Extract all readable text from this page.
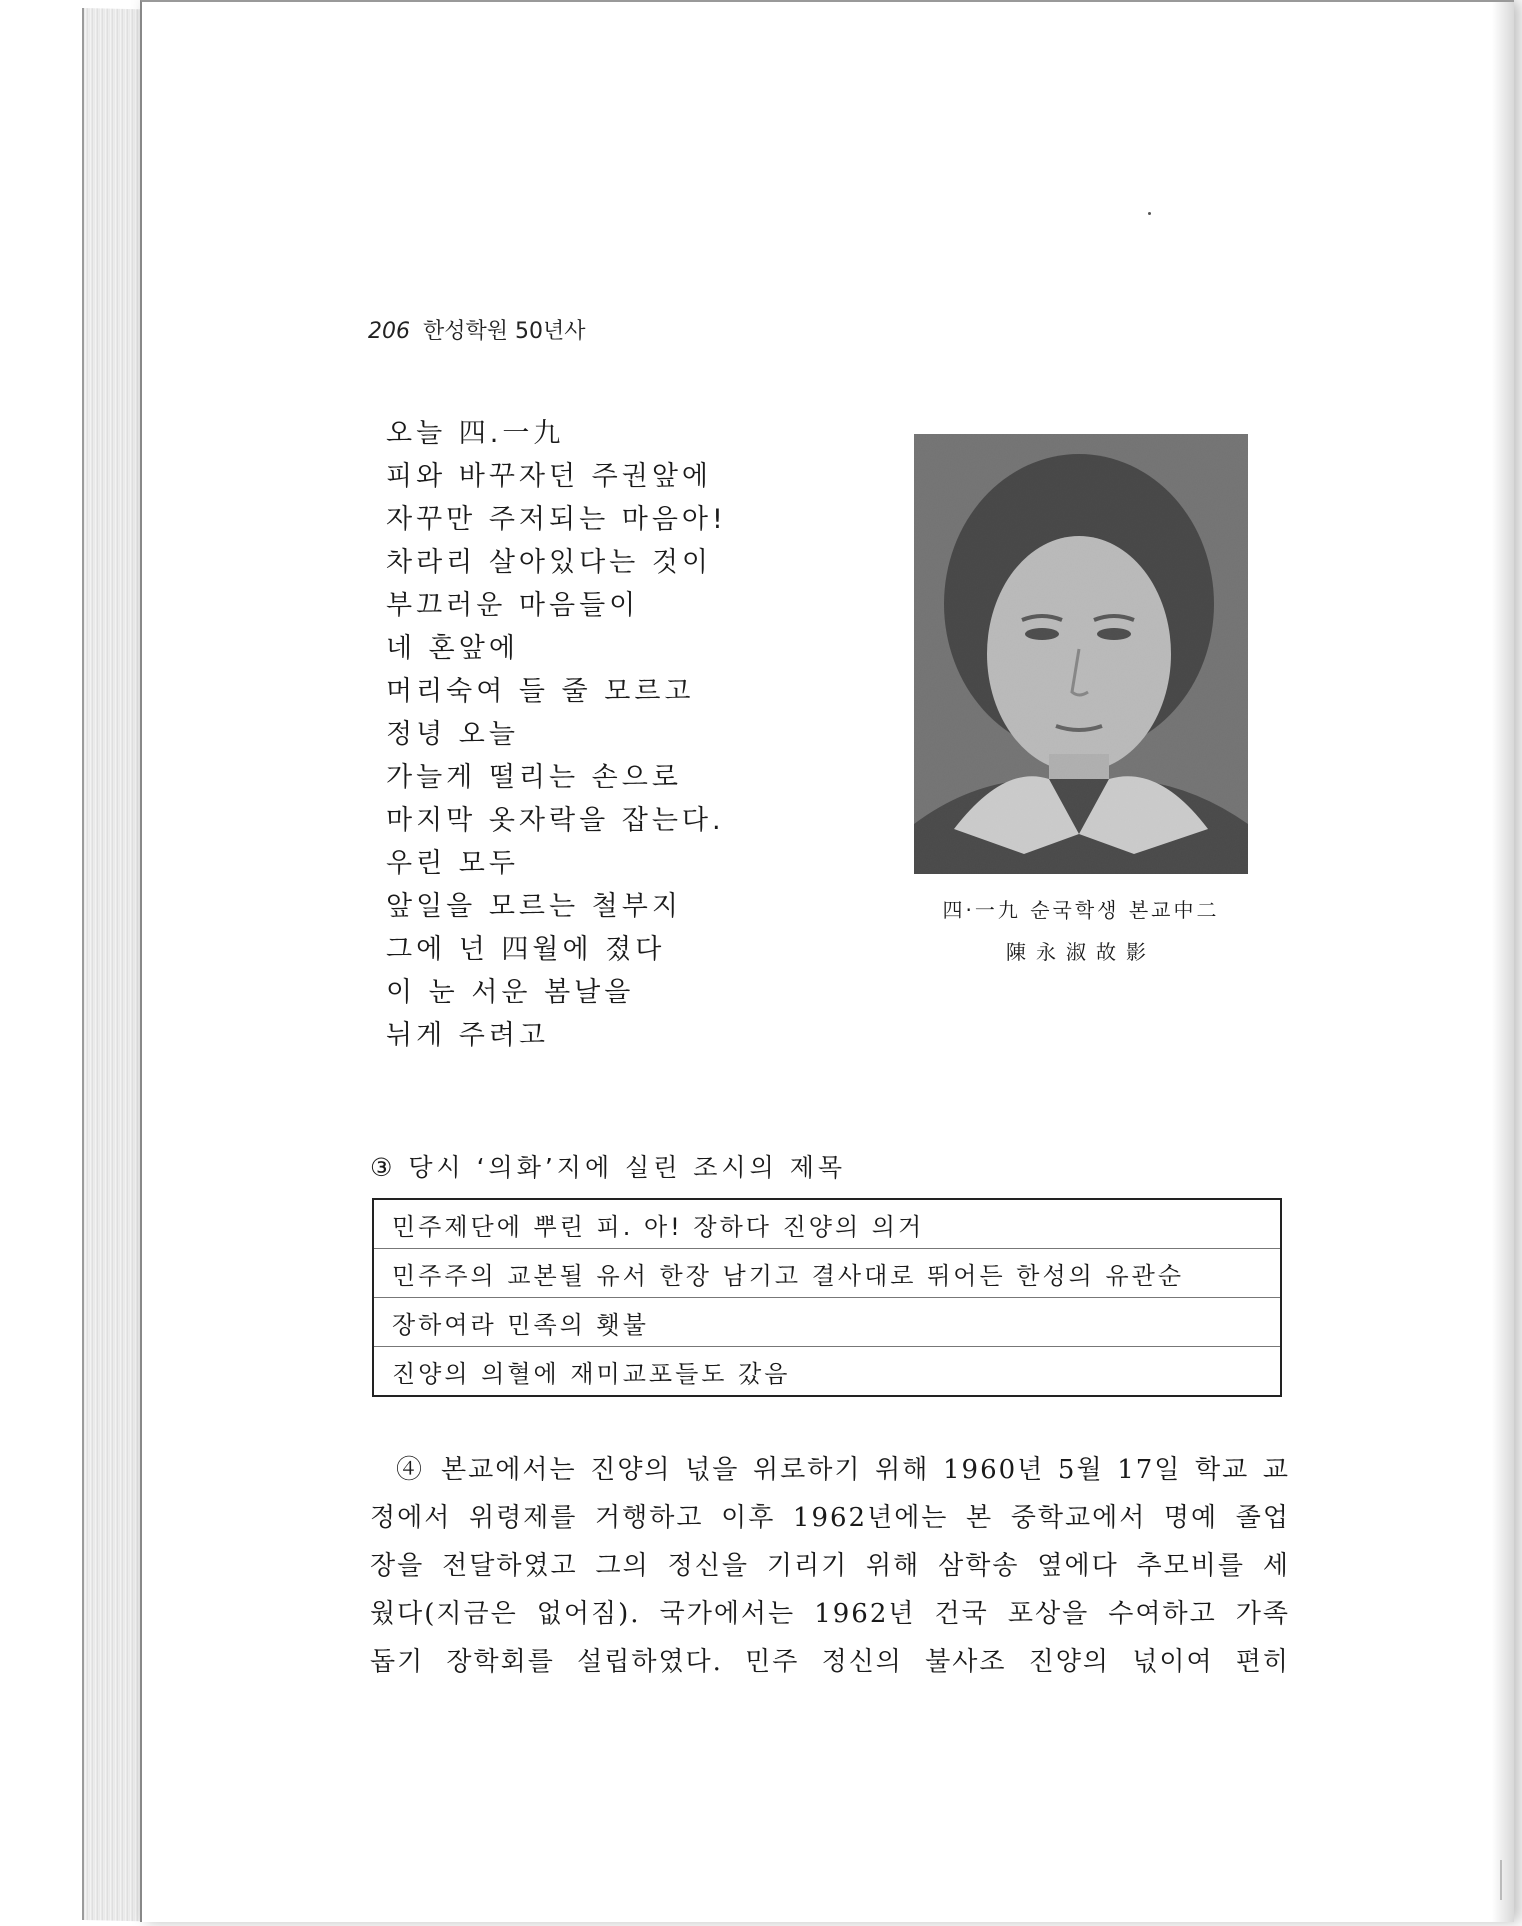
206 한성학원 50년사
오늘 四.一九
피와 바꾸자던 주권앞에
자꾸만 주저되는 마음아!
차라리 살아있다는 것이
부끄러운 마음들이
네 혼앞에
머리숙여 들 줄 모르고
정녕 오늘
가늘게 떨리는 손으로
마지막 옷자락을 잡는다.
우린 모두
앞일을 모르는 철부지
그에 넌 四월에 졌다
이 눈 서운 봄날을
뉘게 주려고
四·一九 순국학생 본교中二
陳永淑故影
③ 당시 ‘의화’지에 실린 조시의 제목
민주제단에 뿌린 피. 아! 장하다 진양의 의거
민주주의 교본될 유서 한장 남기고 결사대로 뛰어든 한성의 유관순
장하여라 민족의 횃불
진양의 의혈에 재미교포들도 갔음
④ 본교에서는 진양의 넋을 위로하기 위해 1960년 5월 17일 학교 교
정에서 위령제를 거행하고 이후 1962년에는 본 중학교에서 명예 졸업
장을 전달하였고 그의 정신을 기리기 위해 삼학송 옆에다 추모비를 세
웠다(지금은 없어짐). 국가에서는 1962년 건국 포상을 수여하고 가족
돕기 장학회를 설립하였다. 민주 정신의 불사조 진양의 넋이여 편히
